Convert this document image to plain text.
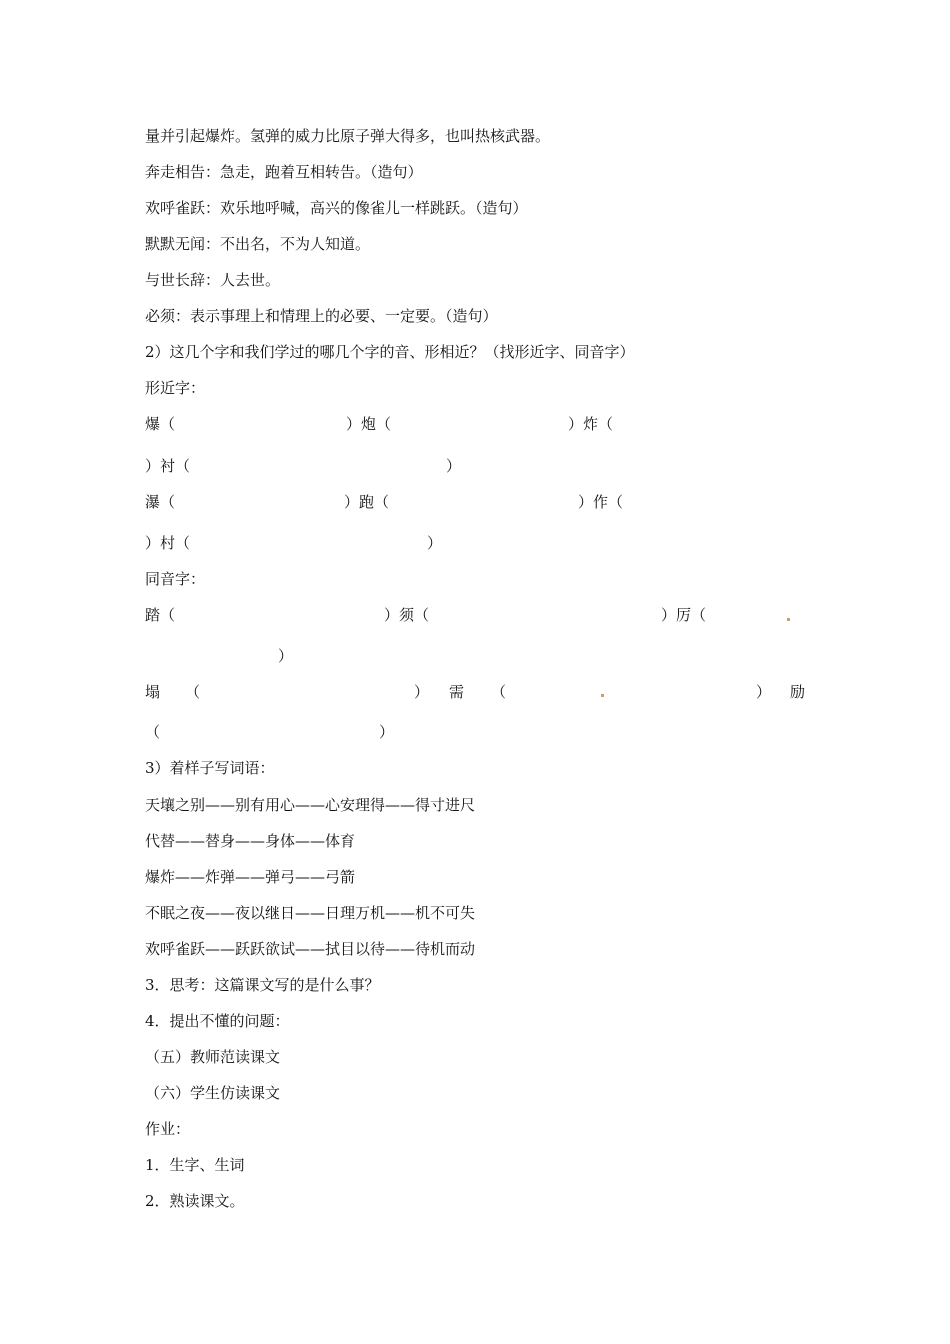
量并引起爆炸。氢弹的威力比原子弹大得多，也叫热核武器。
奔走相告：急走，跑着互相转告。（造句）
欢呼雀跃：欢乐地呼喊，高兴的像雀儿一样跳跃。（造句）
默默无闻：不出名，不为人知道。
与世长辞：人去世。
必须：表示事理上和情理上的必要、一定要。（造句）
2）这几个字和我们学过的哪几个字的音、形相近？（找形近字、同音字）
形近字：
爆（	）炮（	）炸（
）衬（	）
瀑（	）跑（	）作（
）村（	）
同音字：
踏（	）须（	）厉（
）
塌 （	） 需 （	） 励
（	）
3）着样子写词语：
天壤之别——别有用心——心安理得——得寸进尺
代替——替身——身体——体育
爆炸——炸弹——弹弓——弓箭
不眠之夜——夜以继日——日理万机——机不可失
欢呼雀跃——跃跃欲试——拭目以待——待机而动
3．思考：这篇课文写的是什么事？
4．提出不懂的问题：
（五）教师范读课文
（六）学生仿读课文
作业：
1．生字、生词
2．熟读课文。
